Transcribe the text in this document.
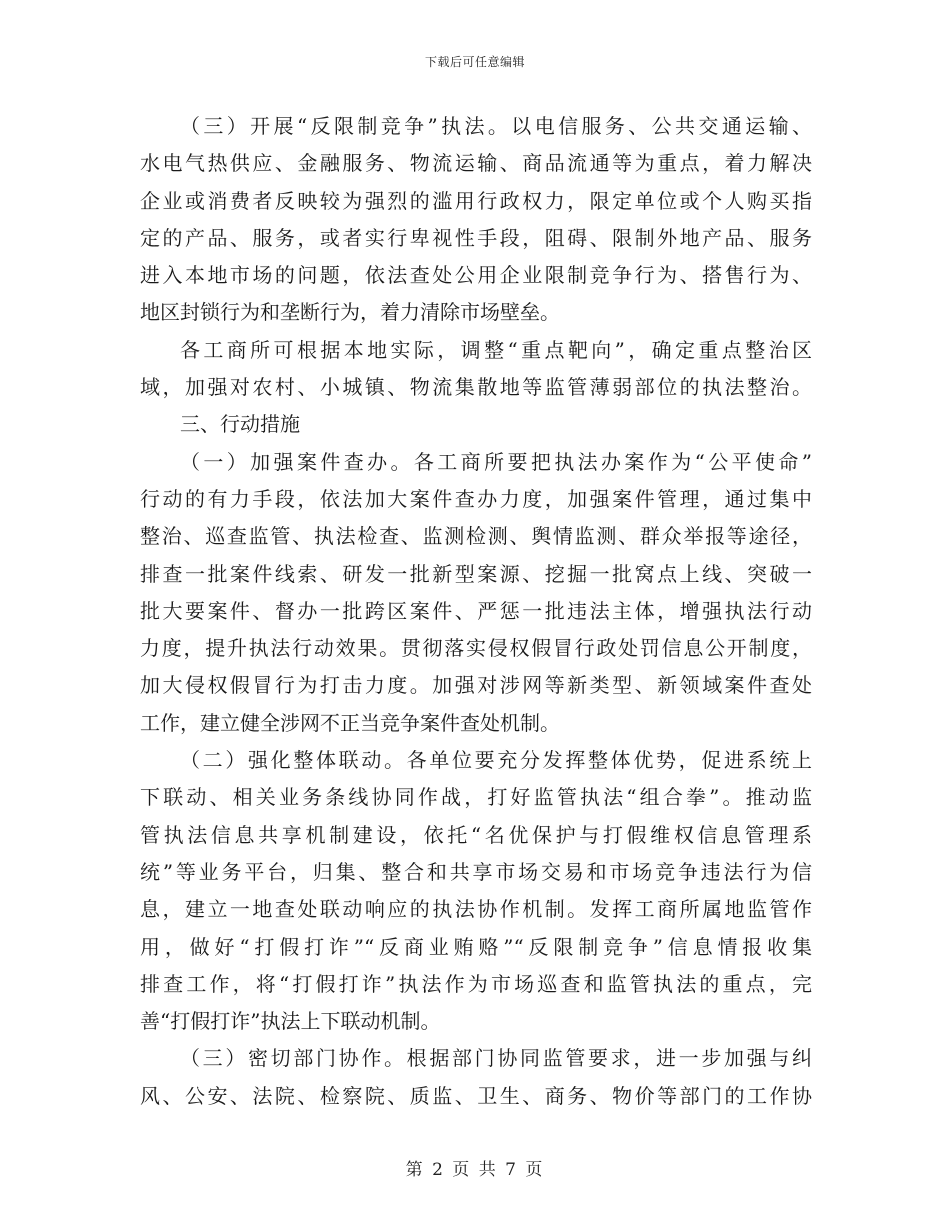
下载后可任意编辑
（三）开展“反限制竞争”执法。以电信服务、公共交通运输、
水电气热供应、金融服务、物流运输、商品流通等为重点，着力解决
企业或消费者反映较为强烈的滥用行政权力，限定单位或个人购买指
定的产品、服务，或者实行卑视性手段，阻碍、限制外地产品、服务
进入本地市场的问题，依法查处公用企业限制竞争行为、搭售行为、
地区封锁行为和垄断行为，着力清除市场壁垒。
各工商所可根据本地实际，调整“重点靶向”，确定重点整治区
域，加强对农村、小城镇、物流集散地等监管薄弱部位的执法整治。
三、行动措施
（一）加强案件查办。各工商所要把执法办案作为“公平使命”
行动的有力手段，依法加大案件查办力度，加强案件管理，通过集中
整治、巡查监管、执法检查、监测检测、舆情监测、群众举报等途径，
排查一批案件线索、研发一批新型案源、挖掘一批窝点上线、突破一
批大要案件、督办一批跨区案件、严惩一批违法主体，增强执法行动
力度，提升执法行动效果。贯彻落实侵权假冒行政处罚信息公开制度，
加大侵权假冒行为打击力度。加强对涉网等新类型、新领域案件查处
工作，建立健全涉网不正当竞争案件查处机制。
（二）强化整体联动。各单位要充分发挥整体优势，促进系统上
下联动、相关业务条线协同作战，打好监管执法“组合拳”。推动监
管执法信息共享机制建设，依托“名优保护与打假维权信息管理系
统”等业务平台，归集、整合和共享市场交易和市场竞争违法行为信
息，建立一地查处联动响应的执法协作机制。发挥工商所属地监管作
用，做好“打假打诈”“反商业贿赂”“反限制竞争”信息情报收集
排查工作，将“打假打诈”执法作为市场巡查和监管执法的重点，完
善“打假打诈”执法上下联动机制。
（三）密切部门协作。根据部门协同监管要求，进一步加强与纠
风、公安、法院、检察院、质监、卫生、商务、物价等部门的工作协
第 2 页 共 7 页
